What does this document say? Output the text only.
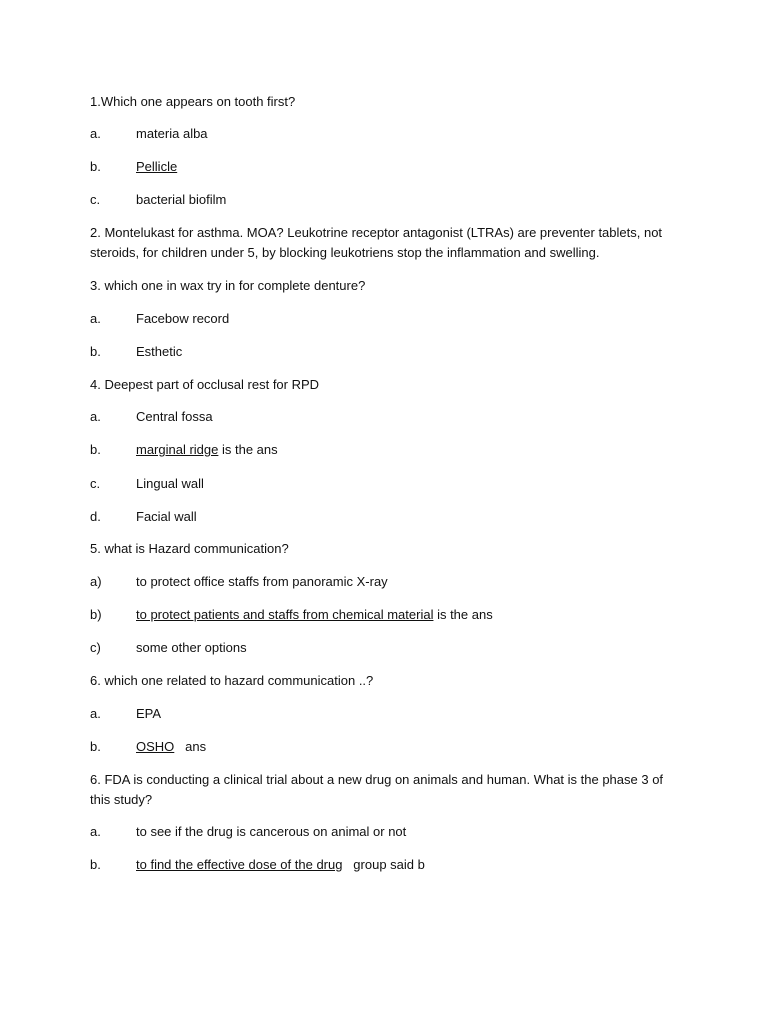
1.Which one appears on tooth first?
a.	materia alba
b.	Pellicle
c.	bacterial biofilm
2. Montelukast for asthma. MOA? Leukotrine receptor antagonist (LTRAs) are preventer tablets, not steroids, for children under 5, by blocking leukotriens stop the inflammation and swelling.
3. which one in wax try in for complete denture?
a.	Facebow record
b.	Esthetic
4. Deepest part of occlusal rest for RPD
a.	Central fossa
b.	marginal ridge is the ans
c.	Lingual wall
d.	Facial wall
5. what is Hazard communication?
a)	to protect office staffs from panoramic X-ray
b)	to protect patients and staffs from chemical material is the ans
c)	some other options
6. which one related to hazard communication ..?
a.	EPA
b.	OSHO   ans
6. FDA is conducting a clinical trial about a new drug on animals and human. What is the phase 3 of this study?
a.	to see if the drug is cancerous on animal or not
b.	to find the effective dose of the drug   group said b
